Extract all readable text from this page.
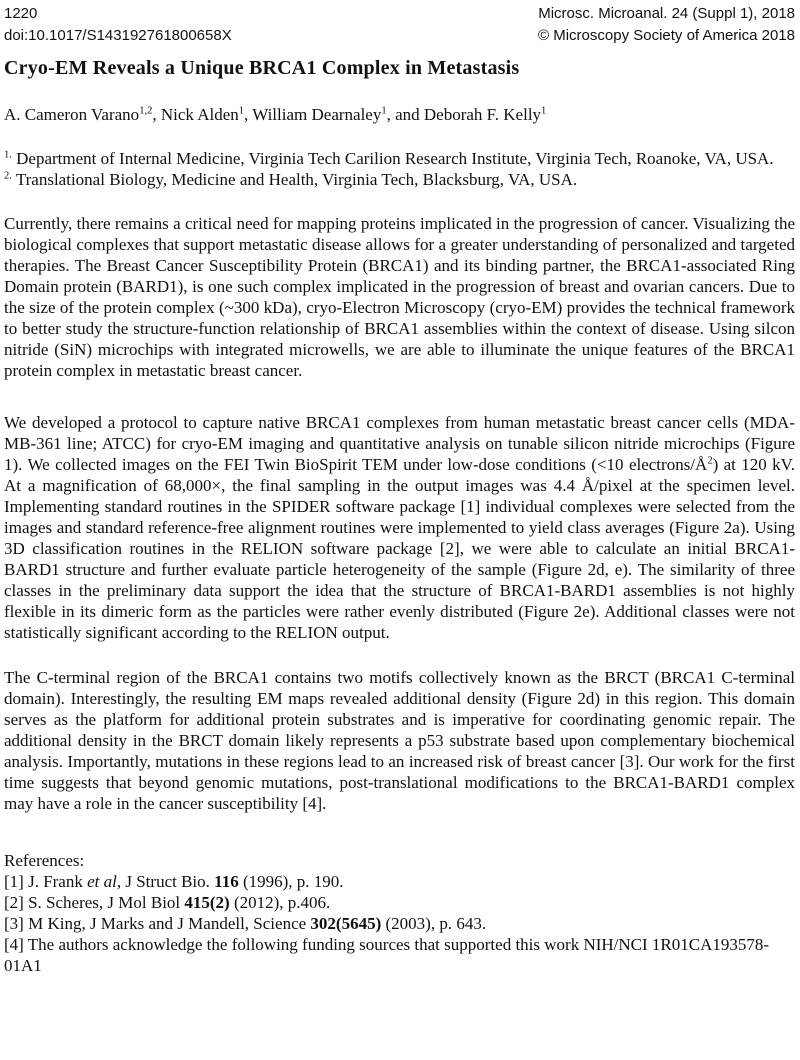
1220
doi:10.1017/S143192761800658X
Microsc. Microanal. 24 (Suppl 1), 2018
© Microscopy Society of America 2018
Cryo-EM Reveals a Unique BRCA1 Complex in Metastasis

A. Cameron Varano$^{1,2}$, Nick Alden$^1$, William Dearnaley$^1$, and Deborah F. Kelly$^1$

$^{1.}$ Department of Internal Medicine, Virginia Tech Carilion Research Institute, Virginia Tech, Roanoke, VA, USA.
$^{2.}$ Translational Biology, Medicine and Health, Virginia Tech, Blacksburg, VA, USA.

Currently, there remains a critical need for mapping proteins implicated in the progression of cancer. Visualizing the biological complexes that support metastatic disease allows for a greater understanding of personalized and targeted therapies. The Breast Cancer Susceptibility Protein (BRCA1) and its binding partner, the BRCA1-associated Ring Domain protein (BARD1), is one such complex implicated in the progression of breast and ovarian cancers. Due to the size of the protein complex (~300 kDa), cryo-Electron Microscopy (cryo-EM) provides the technical framework to better study the structure-function relationship of BRCA1 assemblies within the context of disease. Using silcon nitride (SiN) microchips with integrated microwells, we are able to illuminate the unique features of the BRCA1 protein complex in metastatic breast cancer.

We developed a protocol to capture native BRCA1 complexes from human metastatic breast cancer cells (MDA-MB-361 line; ATCC) for cryo-EM imaging and quantitative analysis on tunable silicon nitride microchips (Figure 1). We collected images on the FEI Twin BioSpirit TEM under low-dose conditions (<10 electrons/$Å^2$) at 120 kV. At a magnification of 68,000×, the final sampling in the output images was 4.4 Å/pixel at the specimen level. Implementing standard routines in the SPIDER software package [1] individual complexes were selected from the images and standard reference-free alignment routines were implemented to yield class averages (Figure 2a). Using 3D classification routines in the RELION software package [2], we were able to calculate an initial BRCA1-BARD1 structure and further evaluate particle heterogeneity of the sample (Figure 2d, e). The similarity of three classes in the preliminary data support the idea that the structure of BRCA1-BARD1 assemblies is not highly flexible in its dimeric form as the particles were rather evenly distributed (Figure 2e). Additional classes were not statistically significant according to the RELION output.

The C-terminal region of the BRCA1 contains two motifs collectively known as the BRCT (BRCA1 C-terminal domain). Interestingly, the resulting EM maps revealed additional density (Figure 2d) in this region. This domain serves as the platform for additional protein substrates and is imperative for coordinating genomic repair. The additional density in the BRCT domain likely represents a p53 substrate based upon complementary biochemical analysis. Importantly, mutations in these regions lead to an increased risk of breast cancer [3]. Our work for the first time suggests that beyond genomic mutations, post-translational modifications to the BRCA1-BARD1 complex may have a role in the cancer susceptibility [4].

References:
[1] J. Frank et al, J Struct Bio. 116 (1996), p. 190.
[2] S. Scheres, J Mol Biol 415(2) (2012), p.406.
[3] M King, J Marks and J Mandell, Science 302(5645) (2003), p. 643.
[4] The authors acknowledge the following funding sources that supported this work NIH/NCI 1R01CA193578-01A1
